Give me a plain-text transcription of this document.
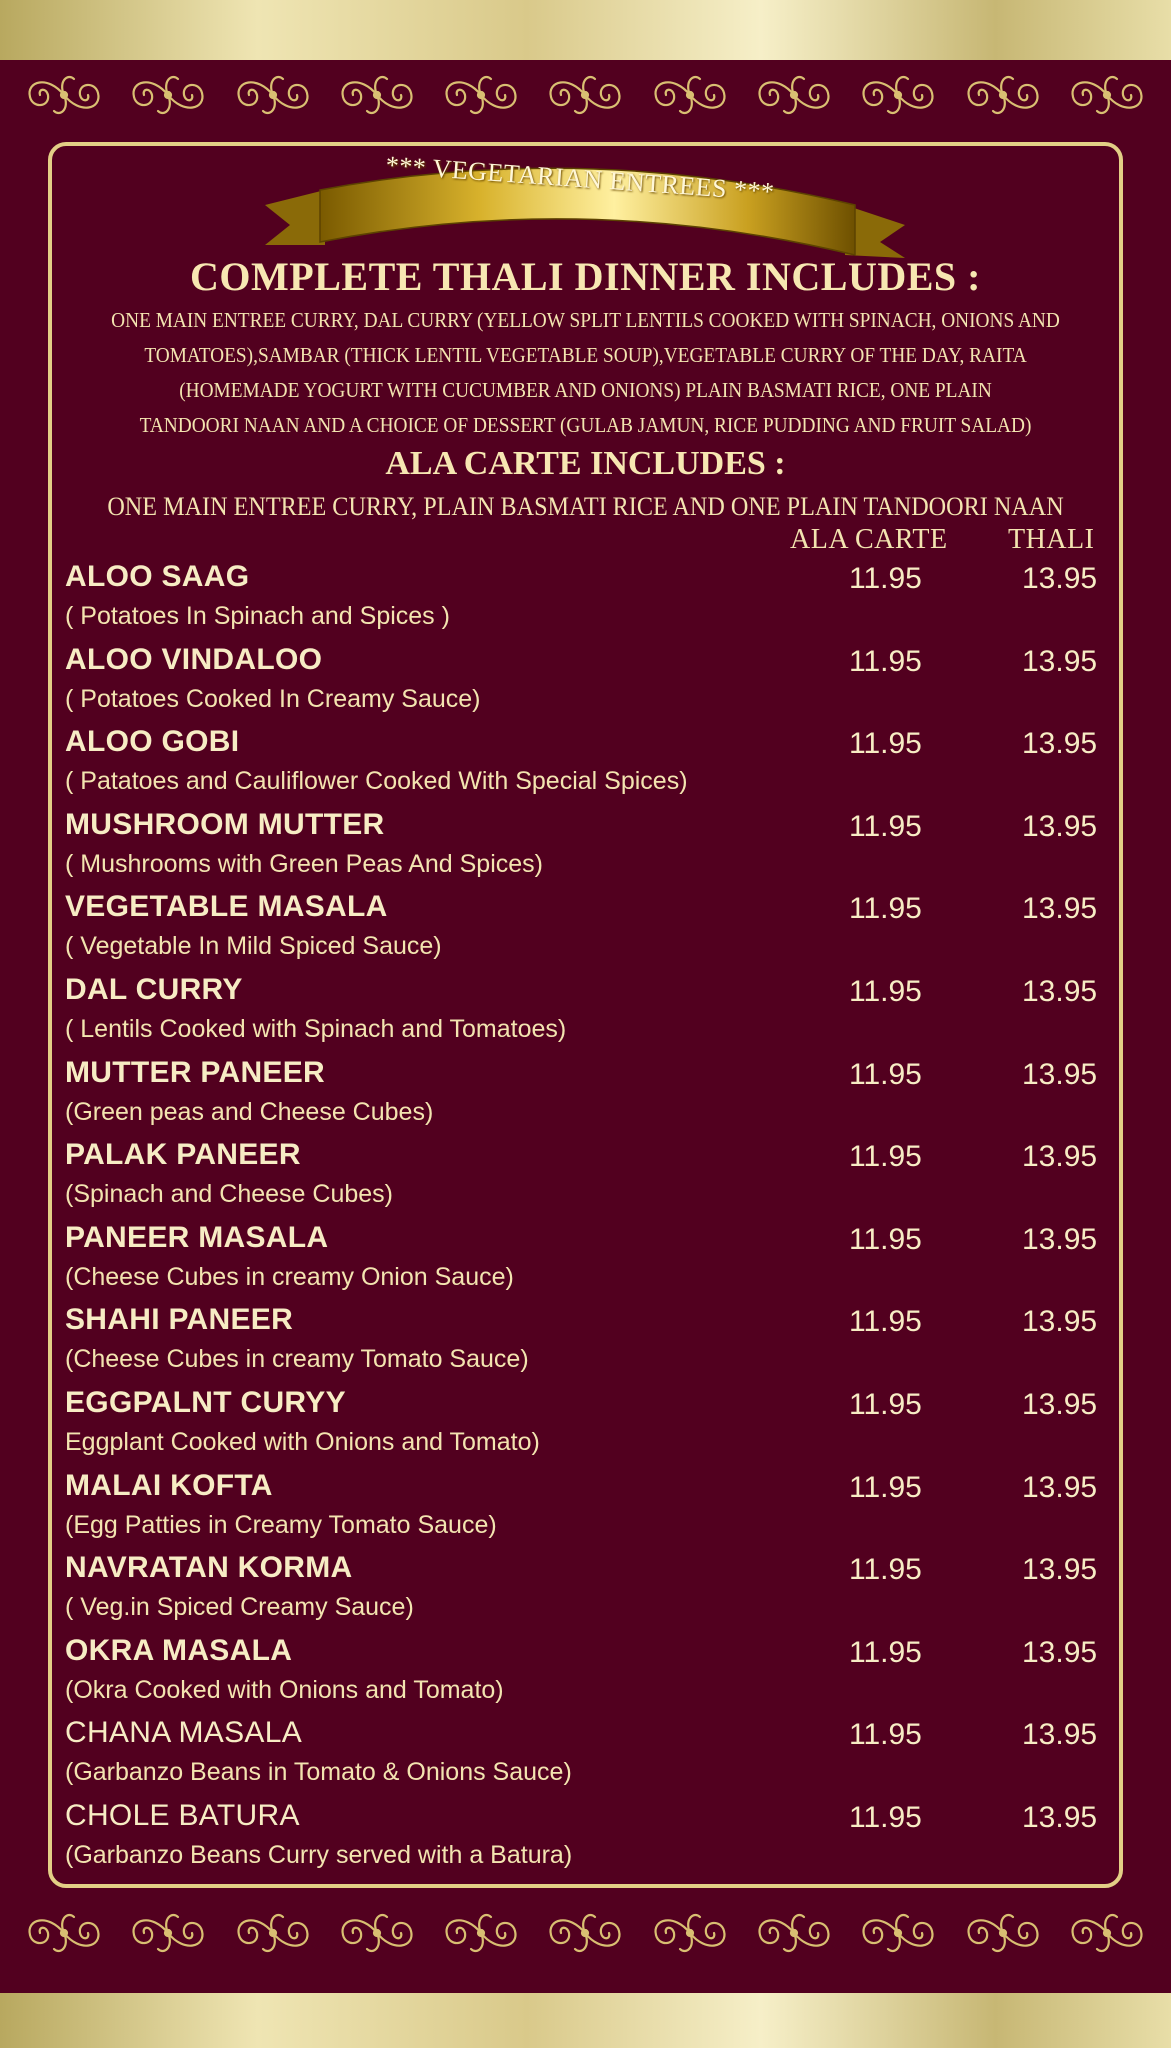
*** VEGETARIAN ENTREES ***
COMPLETE THALI DINNER INCLUDES :
ONE MAIN ENTREE CURRY, DAL CURRY (YELLOW SPLIT LENTILS COOKED WITH SPINACH, ONIONS AND
TOMATOES),SAMBAR (THICK LENTIL VEGETABLE SOUP),VEGETABLE CURRY OF THE DAY, RAITA
(HOMEMADE YOGURT WITH CUCUMBER AND ONIONS) PLAIN BASMATI RICE, ONE PLAIN
TANDOORI NAAN AND A CHOICE OF DESSERT (GULAB JAMUN, RICE PUDDING AND FRUIT SALAD)
ALA CARTE INCLUDES :
ONE MAIN ENTREE CURRY, PLAIN BASMATI RICE AND ONE PLAIN TANDOORI NAAN
ALA CARTE THALI
ALOO SAAG
( Potatoes In Spinach and Spices )
11.95	13.95
ALOO VINDALOO
( Potatoes Cooked In Creamy Sauce)
11.95	13.95
ALOO GOBI
( Patatoes and Cauliflower Cooked With Special Spices)
11.95	13.95
MUSHROOM MUTTER
( Mushrooms with Green Peas And Spices)
11.95	13.95
VEGETABLE MASALA
( Vegetable In Mild Spiced Sauce)
11.95	13.95
DAL CURRY
( Lentils Cooked with Spinach and Tomatoes)
11.95	13.95
MUTTER PANEER
(Green peas and Cheese Cubes)
11.95	13.95
PALAK PANEER
(Spinach and Cheese Cubes)
11.95	13.95
PANEER MASALA
(Cheese Cubes in creamy Onion Sauce)
11.95	13.95
SHAHI PANEER
(Cheese Cubes in creamy Tomato Sauce)
11.95	13.95
EGGPALNT CURYY
Eggplant Cooked with Onions and Tomato)
11.95	13.95
MALAI KOFTA
(Egg Patties in Creamy Tomato Sauce)
11.95	13.95
NAVRATAN KORMA
( Veg.in Spiced Creamy Sauce)
11.95	13.95
OKRA MASALA
(Okra Cooked with Onions and Tomato)
11.95	13.95
CHANA MASALA
(Garbanzo Beans in Tomato & Onions Sauce)
11.95	13.95
CHOLE BATURA
(Garbanzo Beans Curry served with a Batura)
11.95	13.95
